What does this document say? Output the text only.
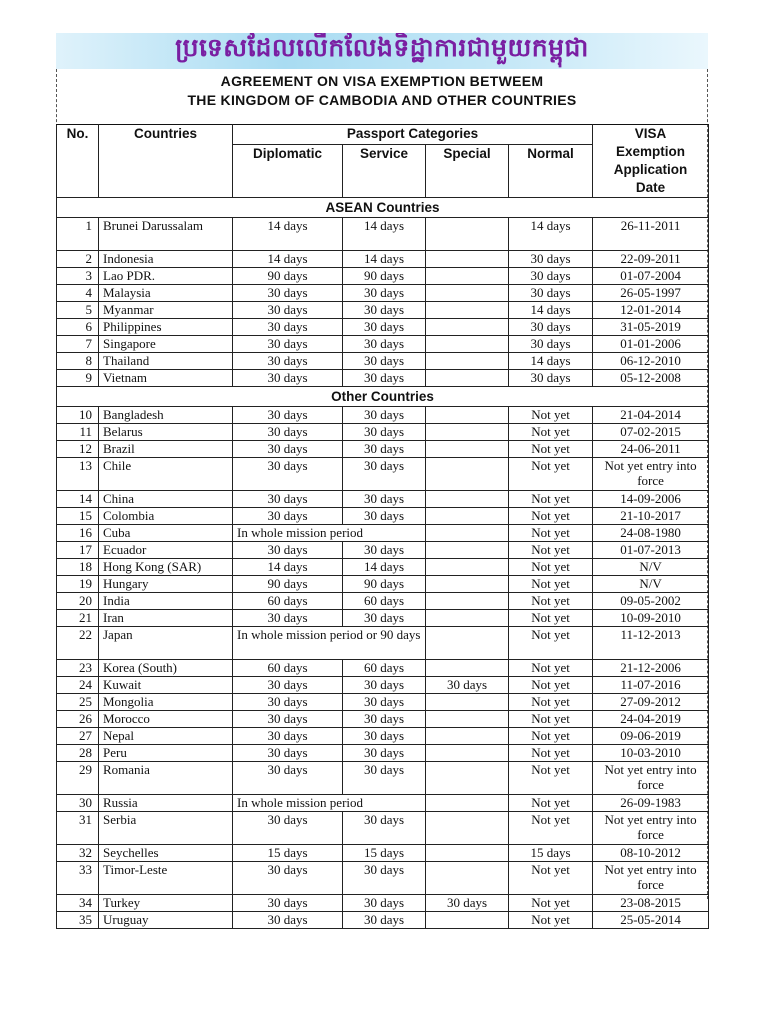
ប្រទេសដែលលើកលែងទិដ្ឋាការជាមួយកម្ពុជា
AGREEMENT ON VISA EXEMPTION BETWEEM
THE KINGDOM OF CAMBODIA AND OTHER COUNTRIES
No.	Countries	Passport Categories				VISA
Exemption
Application
Date

		Diplomatic	Service	Special	Normal	
ASEAN Countries						
1	Brunei Darussalam	14 days	14 days		14 days	26-11-2011
2	Indonesia	14 days	14 days		30 days	22-09-2011
3	Lao PDR.	90 days	90 days		30 days	01-07-2004
4	Malaysia	30 days	30 days		30 days	26-05-1997
5	Myanmar	30 days	30 days		14 days	12-01-2014
6	Philippines	30 days	30 days		30 days	31-05-2019
7	Singapore	30 days	30 days		30 days	01-01-2006
8	Thailand	30 days	30 days		14 days	06-12-2010
9	Vietnam	30 days	30 days		30 days	05-12-2008
Other Countries						
10	Bangladesh	30 days	30 days		Not yet	21-04-2014
11	Belarus	30 days	30 days		Not yet	07-02-2015
12	Brazil	30 days	30 days		Not yet	24-06-2011
13	Chile	30 days	30 days		Not yet	Not yet entry into force
14	China	30 days	30 days		Not yet	14-09-2006
15	Colombia	30 days	30 days		Not yet	21-10-2017
16	Cuba	In whole mission period			Not yet	24-08-1980
17	Ecuador	30 days	30 days		Not yet	01-07-2013
18	Hong Kong (SAR)	14 days	14 days		Not yet	N/V
19	Hungary	90 days	90 days		Not yet	N/V
20	India	60 days	60 days		Not yet	09-05-2002
21	Iran	30 days	30 days		Not yet	10-09-2010
22	Japan	In whole mission period or 90 days			Not yet	11-12-2013
23	Korea (South)	60 days	60 days		Not yet	21-12-2006
24	Kuwait	30 days	30 days	30 days	Not yet	11-07-2016
25	Mongolia	30 days	30 days		Not yet	27-09-2012
26	Morocco	30 days	30 days		Not yet	24-04-2019
27	Nepal	30 days	30 days		Not yet	09-06-2019
28	Peru	30 days	30 days		Not yet	10-03-2010
29	Romania	30 days	30 days		Not yet	Not yet entry into force
30	Russia	In whole mission period			Not yet	26-09-1983
31	Serbia	30 days	30 days		Not yet	Not yet entry into force
32	Seychelles	15 days	15 days		15 days	08-10-2012
33	Timor-Leste	30 days	30 days		Not yet	Not yet entry into force
34	Turkey	30 days	30 days	30 days	Not yet	23-08-2015
35	Uruguay	30 days	30 days		Not yet	25-05-2014
